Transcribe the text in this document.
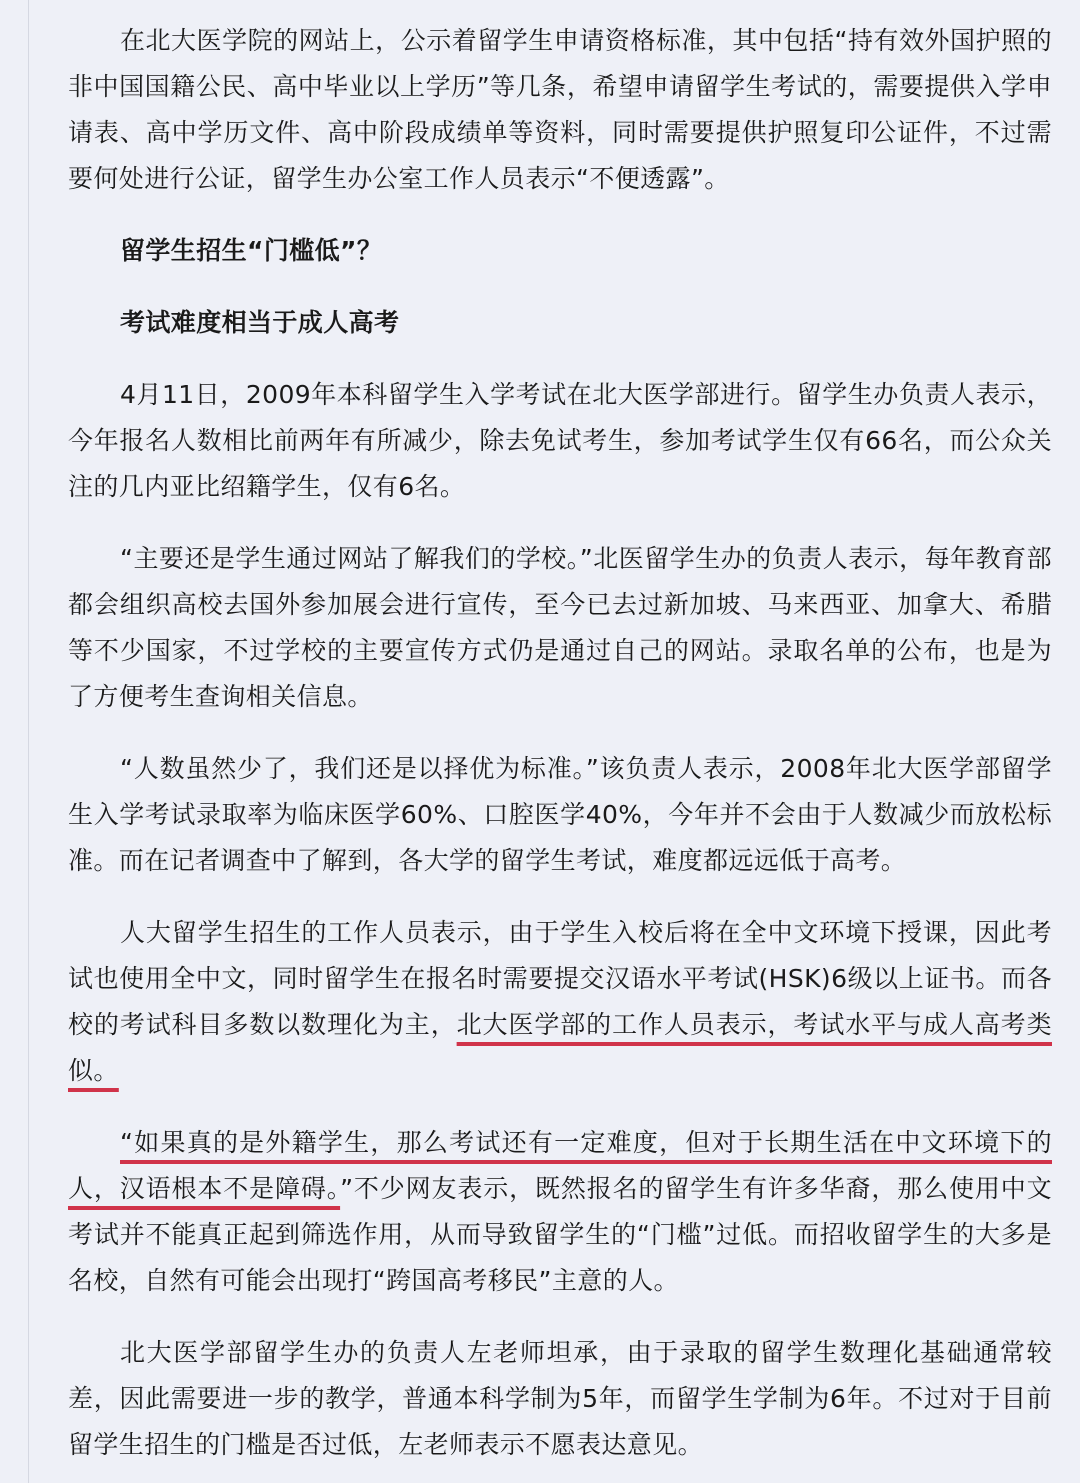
在北大医学院的网站上，公示着留学生申请资格标准，其中包括“持有效外国护照的非中国国籍公民、高中毕业以上学历”等几条，希望申请留学生考试的，需要提供入学申请表、高中学历文件、高中阶段成绩单等资料，同时需要提供护照复印公证件，不过需要何处进行公证，留学生办公室工作人员表示“不便透露”。

留学生招生“门槛低”？

考试难度相当于成人高考

4月11日，2009年本科留学生入学考试在北大医学部进行。留学生办负责人表示，今年报名人数相比前两年有所减少，除去免试考生，参加考试学生仅有66名，而公众关注的几内亚比绍籍学生，仅有6名。

“主要还是学生通过网站了解我们的学校。”北医留学生办的负责人表示，每年教育部都会组织高校去国外参加展会进行宣传，至今已去过新加坡、马来西亚、加拿大、希腊等不少国家，不过学校的主要宣传方式仍是通过自己的网站。录取名单的公布，也是为了方便考生查询相关信息。

“人数虽然少了，我们还是以择优为标准。”该负责人表示，2008年北大医学部留学生入学考试录取率为临床医学60%、口腔医学40%，今年并不会由于人数减少而放松标准。而在记者调查中了解到，各大学的留学生考试，难度都远远低于高考。

人大留学生招生的工作人员表示，由于学生入校后将在全中文环境下授课，因此考试也使用全中文，同时留学生在报名时需要提交汉语水平考试(HSK)6级以上证书。而各校的考试科目多数以数理化为主，北大医学部的工作人员表示，考试水平与成人高考类似。

“如果真的是外籍学生，那么考试还有一定难度，但对于长期生活在中文环境下的人，汉语根本不是障碍。”不少网友表示，既然报名的留学生有许多华裔，那么使用中文考试并不能真正起到筛选作用，从而导致留学生的“门槛”过低。而招收留学生的大多是名校，自然有可能会出现打“跨国高考移民”主意的人。

北大医学部留学生办的负责人左老师坦承，由于录取的留学生数理化基础通常较差，因此需要进一步的教学，普通本科学制为5年，而留学生学制为6年。不过对于目前留学生招生的门槛是否过低，左老师表示不愿表达意见。
